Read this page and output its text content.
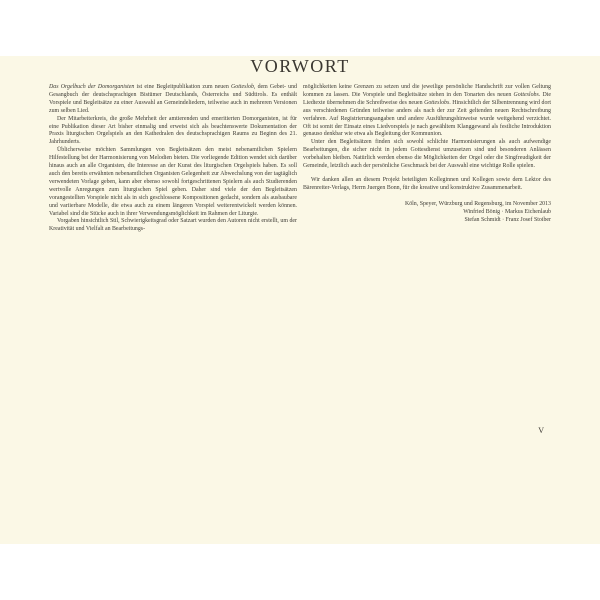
VORWORT

Das Orgelbuch der Domorganisten ist eine Begleitpublikation zum neuen Gotteslob, dem Gebet- und Gesangbuch der deutschsprachigen Bistümer Deutschlands, Österreichs und Südtirols. Es enthält Vorspiele und Begleitsätze zu einer Auswahl an Gemeindeliedern, teilweise auch in mehreren Versionen zum selben Lied.

Der Mitarbeiterkreis, die große Mehrheit der amtierenden und emeritierten Domorganisten, ist für eine Publikation dieser Art bisher einmalig und erweist sich als beachtenswerte Dokumentation der Praxis liturgischen Orgelspiels an den Kathedralen des deutschsprachigen Raums zu Beginn des 21. Jahrhunderts.

Üblicherweise möchten Sammlungen von Begleitsätzen den meist nebenamtlichen Spielern Hilfestellung bei der Harmonisierung von Melodien bieten. Die vorliegende Edition wendet sich darüber hinaus auch an alle Organisten, die Interesse an der Kunst des liturgischen Orgelspiels haben. Es soll auch den bereits erwähnten nebenamtlichen Organisten Gelegenheit zur Abwechslung von der tagtäglich verwendeten Vorlage geben, kann aber ebenso sowohl fortgeschrittenen Spielern als auch Studierenden wertvolle Anregungen zum liturgischen Spiel geben. Daher sind viele der den Begleitsätzen vorangestellten Vorspiele nicht als in sich geschlossene Kompositionen gedacht, sondern als ausbaubare und variierbare Modelle, die etwa auch zu einem längeren Vorspiel weiterentwickelt werden können. Variabel sind die Stücke auch in ihrer Verwendungsmöglichkeit im Rahmen der Liturgie.

Vorgaben hinsichtlich Stil, Schwierigkeitsgrad oder Satzart wurden den Autoren nicht erstellt, um der Kreativität und Vielfalt an Bearbeitungs-

möglichkeiten keine Grenzen zu setzen und die jeweilige persönliche Handschrift zur vollen Geltung kommen zu lassen. Die Vorspiele und Begleitsätze stehen in den Tonarten des neuen Gotteslobs. Die Liedtexte übernehmen die Schreibweise des neuen Gotteslobs. Hinsichtlich der Silbentrennung wird dort aus verschiedenen Gründen teilweise anders als nach der zur Zeit geltenden neuen Rechtschreibung verfahren. Auf Registrierungsangaben und andere Ausführungshinweise wurde weitgehend verzichtet. Oft ist somit der Einsatz eines Liedvorspiels je nach gewähltem Klanggewand als festliche Introduktion genauso denkbar wie etwa als Begleitung der Kommunion.

Unter den Begleitsätzen finden sich sowohl schlichte Harmonisierungen als auch aufwendige Bearbeitungen, die sicher nicht in jedem Gottesdienst umzusetzen sind und besonderen Anlässen vorbehalten bleiben. Natürlich werden ebenso die Möglichkeiten der Orgel oder die Singfreudigkeit der Gemeinde, letztlich auch der persönliche Geschmack bei der Auswahl eine wichtige Rolle spielen.

Wir danken allen an diesem Projekt beteiligten Kolleginnen und Kollegen sowie dem Lektor des Bärenreiter-Verlags, Herrn Juergen Bonn, für die kreative und konstruktive Zusammenarbeit.

Köln, Speyer, Würzburg und Regensburg, im November 2013

Winfried Bönig · Markus Eichenlaub

Stefan Schmidt · Franz Josef Stoiber

V
